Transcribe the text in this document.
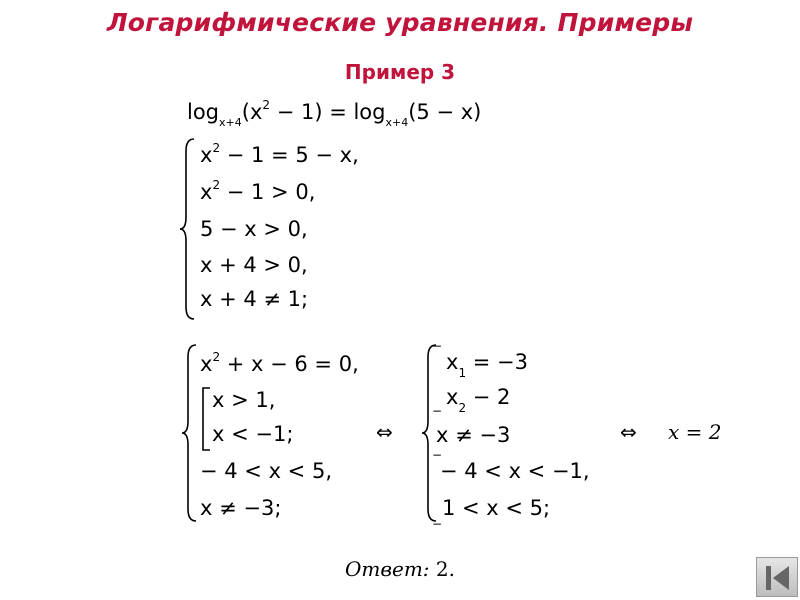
Логарифмические уравнения. Примеры
Пример 3
$\log_{x+4}(x^2 - 1) = \log_{x+4}(5 - x)$
$x^2 - 1 = 5 - x$,
$x^2 - 1 > 0$,
5 − x > 0,
x + 4 > 0,
x + 4 ≠ 1;
$x^2 + x - 6 = 0$,
x > 1,
x < −1;
− 4 < x < 5,
x ≠ −3;
⇔
−
−
−
−
$x_1 = -3$
$x_2 - 2$
x ≠ −3
− 4 < x < −1,
1 < x < 5;
⇔ x = 2
Ответ: 2.
